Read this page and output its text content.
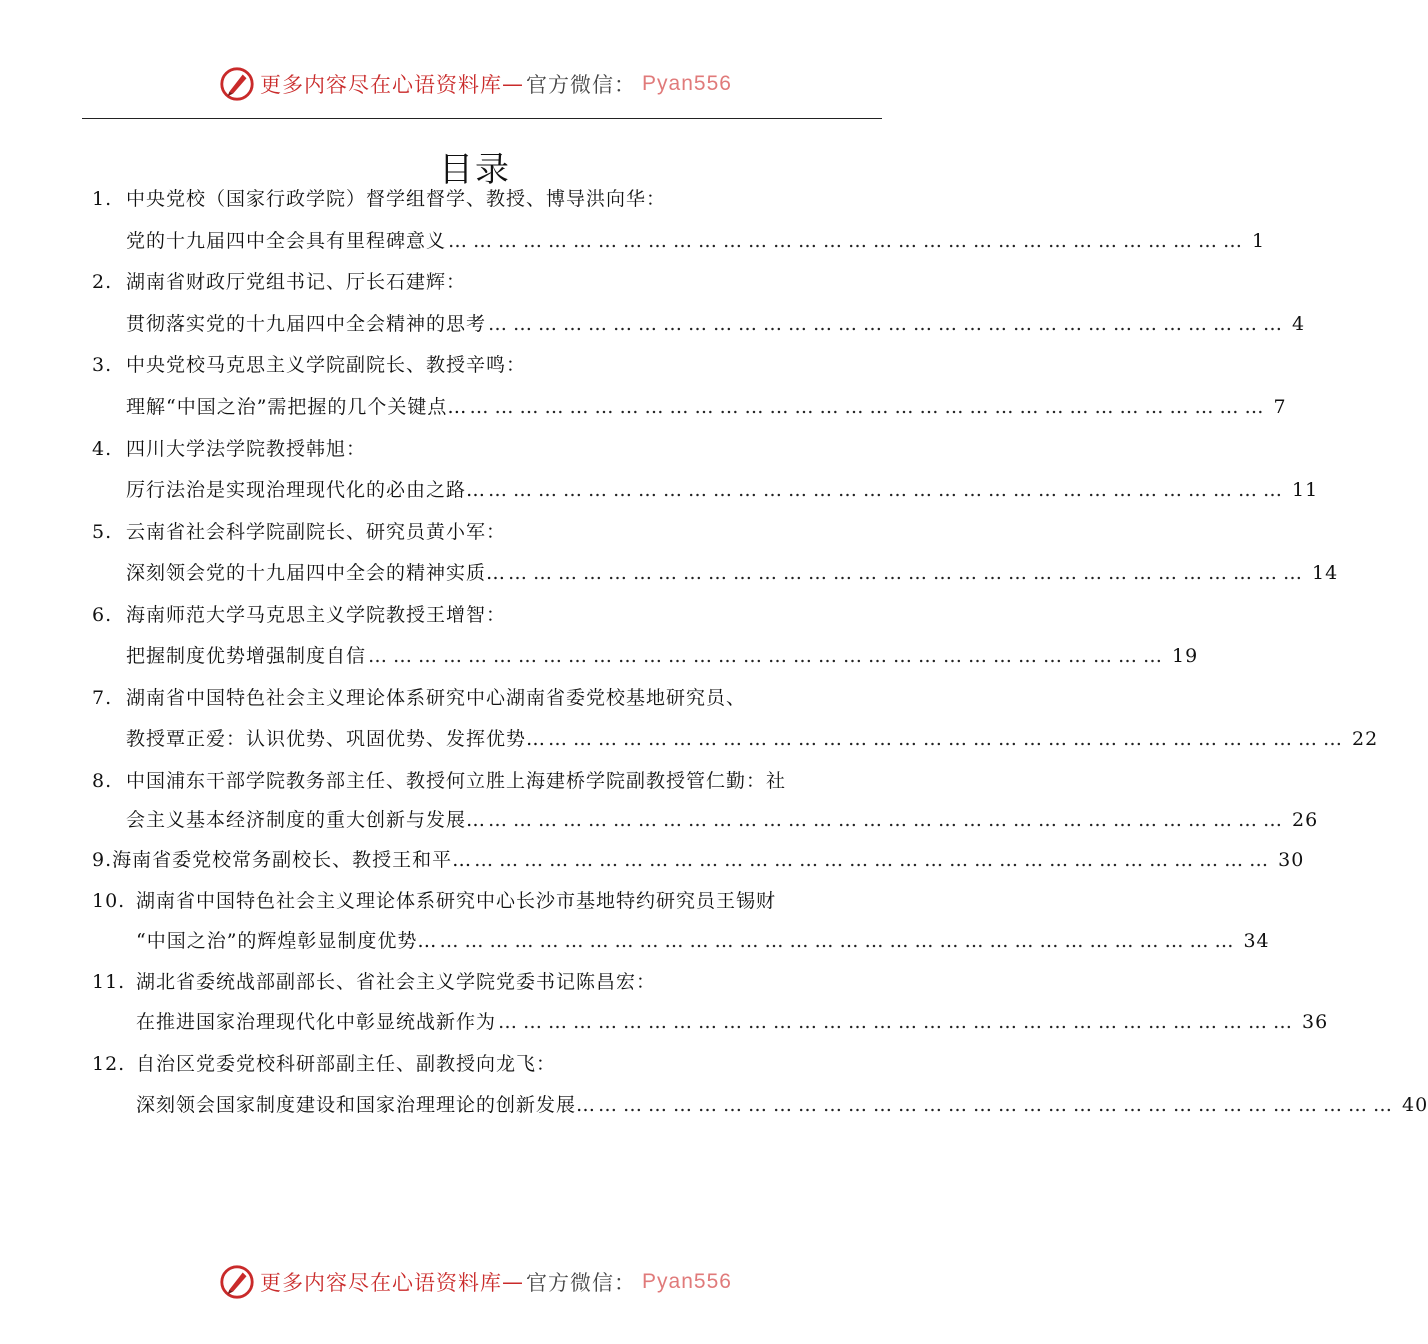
更多内容尽在心语资料库 — 官方微信： Pyan556
目录
1. 中央党校（国家行政学院）督学组督学、教授、博导洪向华：
党的十九届四中全会具有里程碑意义 …………………………………………………………………………………… 1
2. 湖南省财政厅党组书记、厅长石建辉：
贯彻落实党的十九届四中全会精神的思考 …………………………………………………………………………………… 4
3. 中央党校马克思主义学院副院长、教授辛鸣：
理解“中国之治”需把握的几个关键点… …………………………………………………………………………………… 7
4. 四川大学法学院教授韩旭：
厉行法治是实现治理现代化的必由之路… …………………………………………………………………………………… 11
5. 云南省社会科学院副院长、研究员黄小军：
深刻领会党的十九届四中全会的精神实质… …………………………………………………………………………………… 14
6. 海南师范大学马克思主义学院教授王增智：
把握制度优势增强制度自信 …………………………………………………………………………………… 19
7. 湖南省中国特色社会主义理论体系研究中心湖南省委党校基地研究员、
教授覃正爱：认识优势、巩固优势、发挥优势… …………………………………………………………………………………… 22
8. 中国浦东干部学院教务部主任、教授何立胜上海建桥学院副教授管仁勤：社
会主义基本经济制度的重大创新与发展… …………………………………………………………………………………… 26
9. 海南省委党校常务副校长、教授王和平… …………………………………………………………………………………… 30
10. 湖南省中国特色社会主义理论体系研究中心长沙市基地特约研究员王锡财
“中国之治”的辉煌彰显制度优势… …………………………………………………………………………………… 34
11. 湖北省委统战部副部长、省社会主义学院党委书记陈昌宏：
在推进国家治理现代化中彰显统战新作为 …………………………………………………………………………………… 36
12. 自治区党委党校科研部副主任、副教授向龙飞：
深刻领会国家制度建设和国家治理理论的创新发展… …………………………………………………………………………………… 40
更多内容尽在心语资料库 — 官方微信： Pyan556
